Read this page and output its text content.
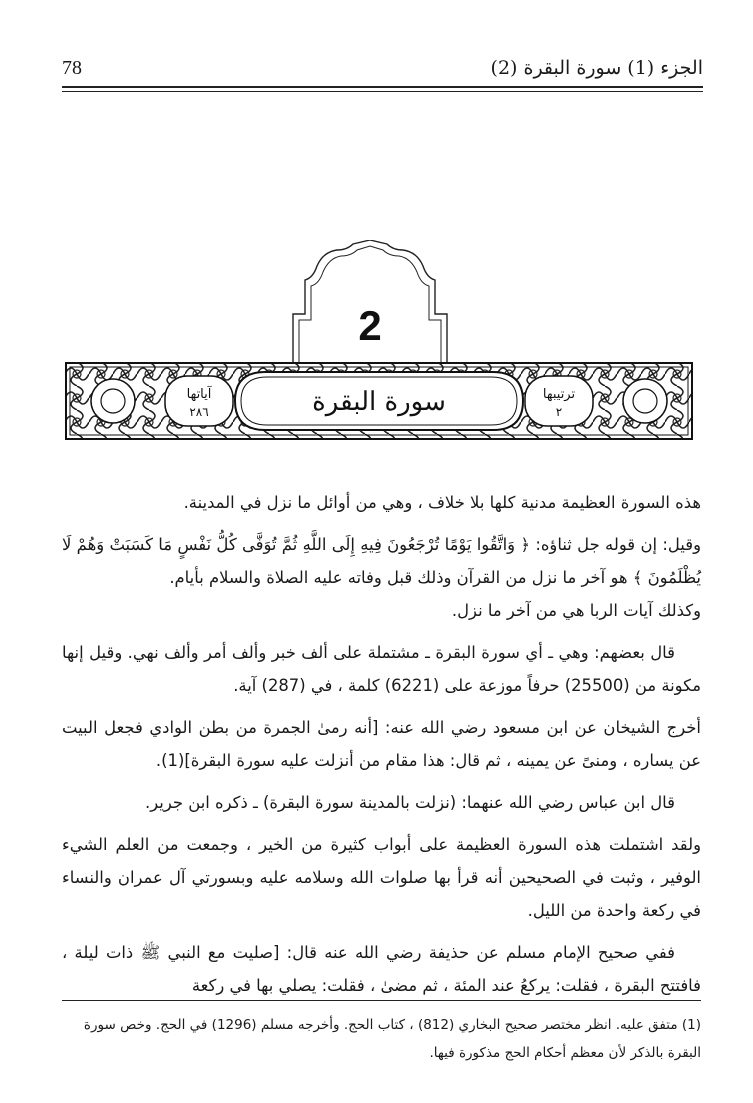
78	الجزء (1) سورة البقرة (2)
2
آياتها
٢٨٦	سورة البقرة	ترتيبها
٢

هذه السورة العظيمة مدنية كلها بلا خلاف ، وهي من أوائل ما نزل في المدينة.

وقيل: إن قوله جل ثناؤه: ﴿ وَاتَّقُوا يَوْمًا تُرْجَعُونَ فِيهِ إِلَى اللَّهِ ثُمَّ تُوَفَّى كُلُّ نَفْسٍ مَا كَسَبَتْ وَهُمْ لَا يُظْلَمُونَ ﴾ هو آخر ما نزل من القرآن وذلك قبل وفاته عليه الصلاة والسلام بأيام.

وكذلك آيات الربا هي من آخر ما نزل.

قال بعضهم: وهي ـ أي سورة البقرة ـ مشتملة على ألف خبر وألف أمر وألف نهي. وقيل إنها مكونة من (25500) حرفاً موزعة على (6221) كلمة ، في (287) آية.

أخرج الشيخان عن ابن مسعود رضي الله عنه: [أنه رمىٰ الجمرة من بطن الوادي فجعل البيت عن يساره ، ومنىً عن يمينه ، ثم قال: هذا مقام من أنزلت عليه سورة البقرة](1).

قال ابن عباس رضي الله عنهما: (نزلت بالمدينة سورة البقرة) ـ ذكره ابن جرير.

ولقد اشتملت هذه السورة العظيمة على أبواب كثيرة من الخير ، وجمعت من العلم الشيء الوفير ، وثبت في الصحيحين أنه قرأ بها صلوات الله وسلامه عليه وبسورتي آل عمران والنساء في ركعة واحدة من الليل.

ففي صحيح الإمام مسلم عن حذيفة رضي الله عنه قال: [صليت مع النبي ﷺ ذات ليلة ، فافتتح البقرة ، فقلت: يركعُ عند المئة ، ثم مضىٰ ، فقلت: يصلي بها في ركعة

(1) متفق عليه. انظر مختصر صحيح البخاري (812) ، كتاب الحج. وأخرجه مسلم (1296) في الحج. وخص سورة البقرة بالذكر لأن معظم أحكام الحج مذكورة فيها.
